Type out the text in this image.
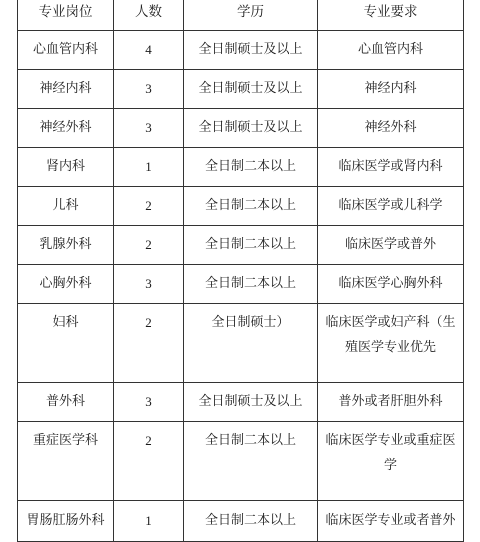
专业岗位	人数	学历	专业要求
心血管内科	4	全日制硕士及以上	心血管内科
神经内科	3	全日制硕士及以上	神经内科
神经外科	3	全日制硕士及以上	神经外科
肾内科	1	全日制二本以上	临床医学或肾内科
儿科	2	全日制二本以上	临床医学或儿科学
乳腺外科	2	全日制二本以上	临床医学或普外
心胸外科	3	全日制二本以上	临床医学心胸外科
妇科	2	全日制硕士）	临床医学或妇产科（生殖医学专业优先
普外科	3	全日制硕士及以上	普外或者肝胆外科
重症医学科	2	全日制二本以上	临床医学专业或重症医学
胃肠肛肠外科	1	全日制二本以上	临床医学专业或者普外
